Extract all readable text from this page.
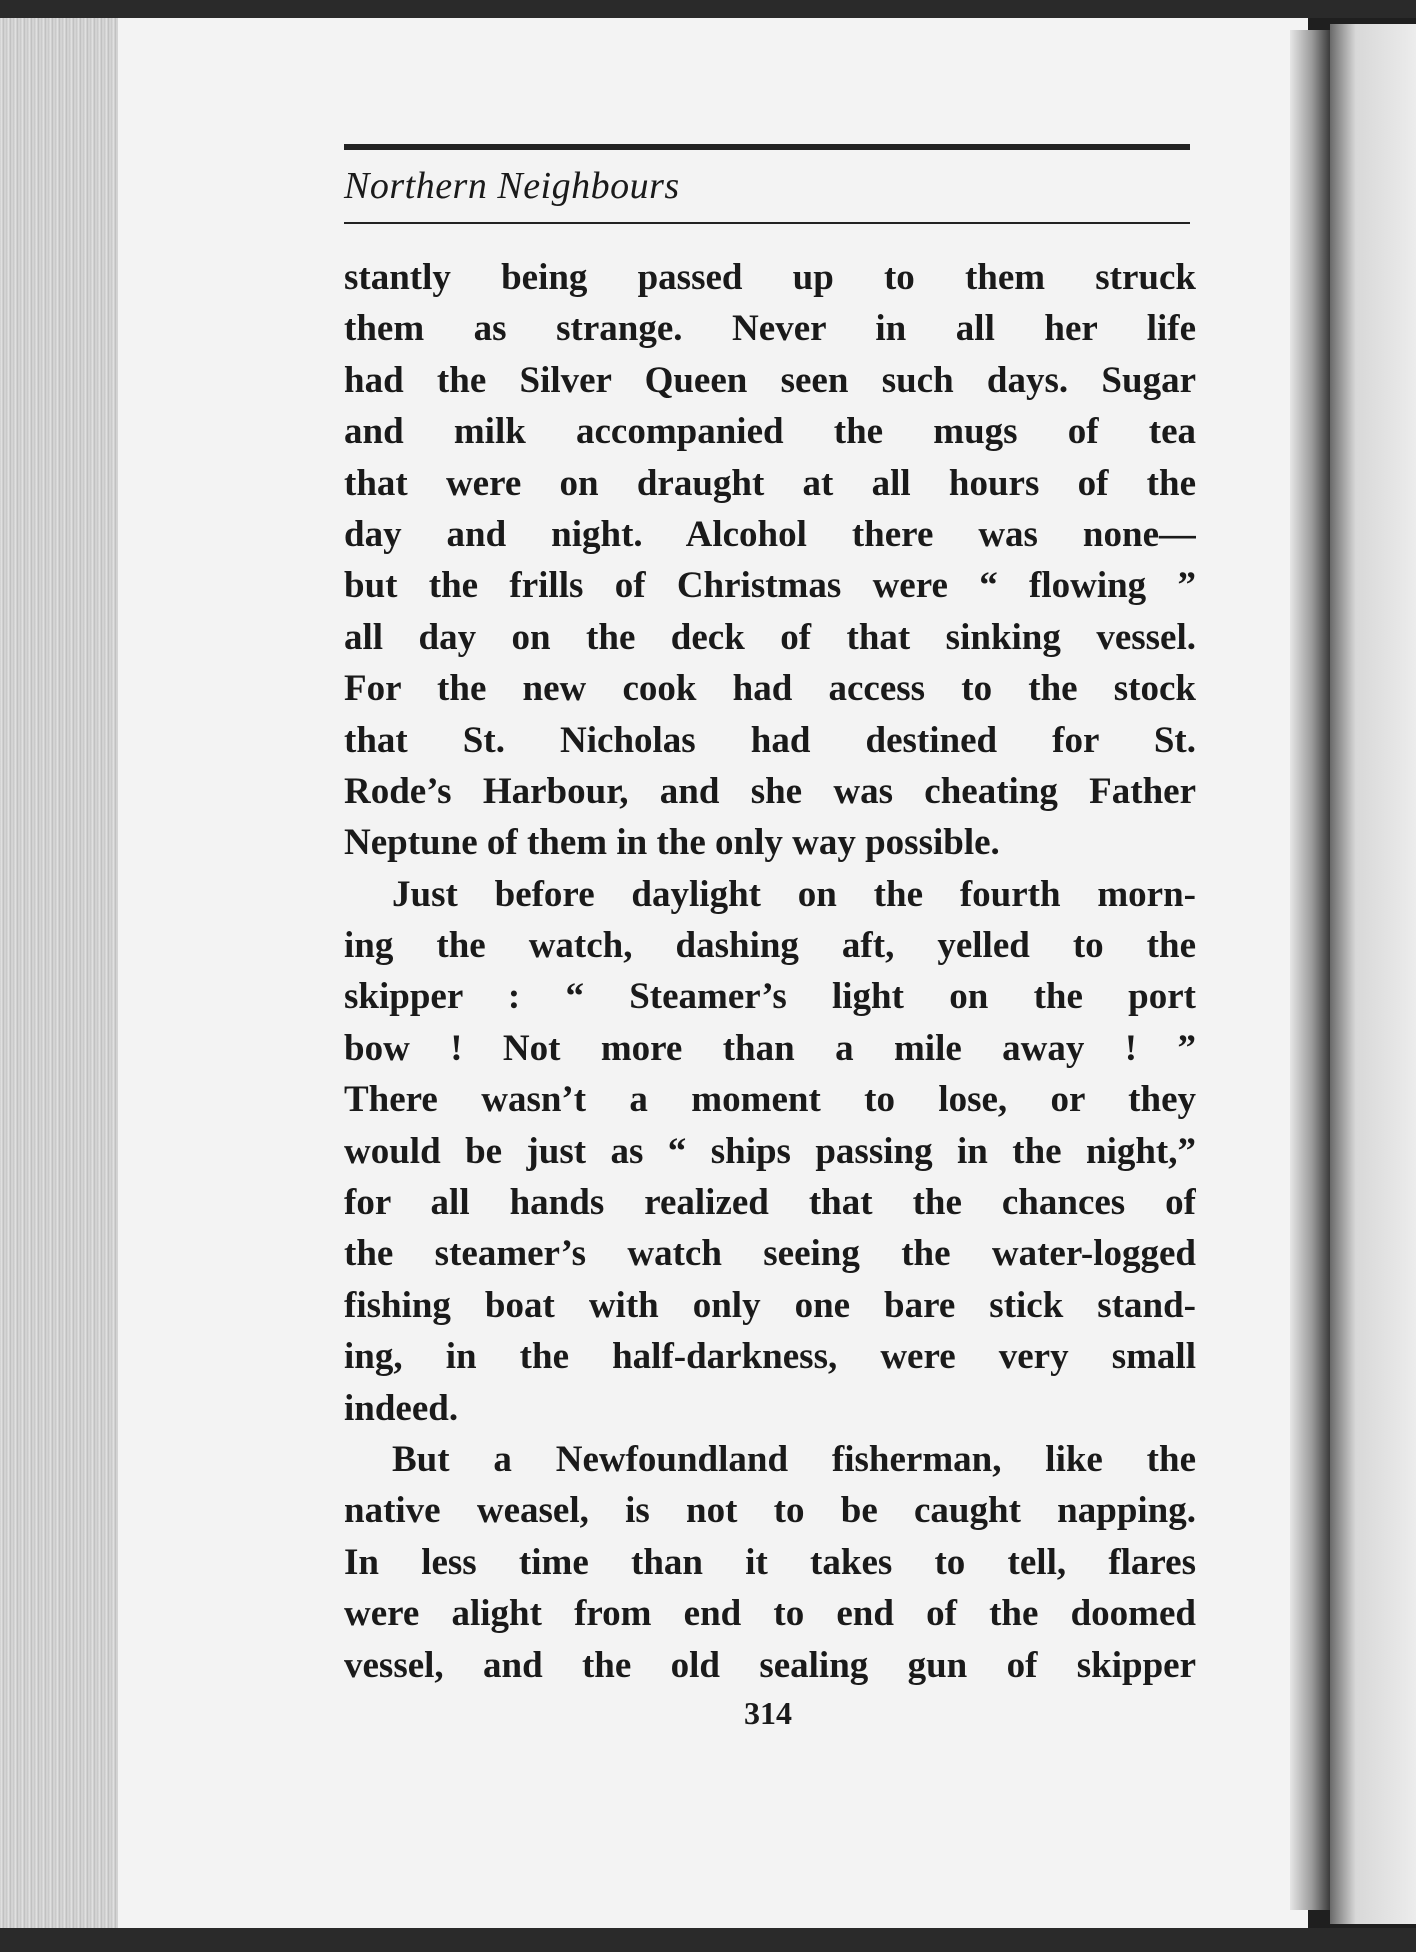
Northern Neighbours
stantly being passed up to them struck
them as strange. Never in all her life
had the Silver Queen seen such days. Sugar
and milk accompanied the mugs of tea
that were on draught at all hours of the
day and night. Alcohol there was none—
but the frills of Christmas were “ flowing ”
all day on the deck of that sinking vessel.
For the new cook had access to the stock
that St. Nicholas had destined for St.
Rode’s Harbour, and she was cheating Father
Neptune of them in the only way possible.
Just before daylight on the fourth morn-
ing the watch, dashing aft, yelled to the
skipper : “ Steamer’s light on the port
bow ! Not more than a mile away ! ”
There wasn’t a moment to lose, or they
would be just as “ ships passing in the night,”
for all hands realized that the chances of
the steamer’s watch seeing the water-logged
fishing boat with only one bare stick stand-
ing, in the half-darkness, were very small
indeed.
But a Newfoundland fisherman, like the
native weasel, is not to be caught napping.
In less time than it takes to tell, flares
were alight from end to end of the doomed
vessel, and the old sealing gun of skipper
314
